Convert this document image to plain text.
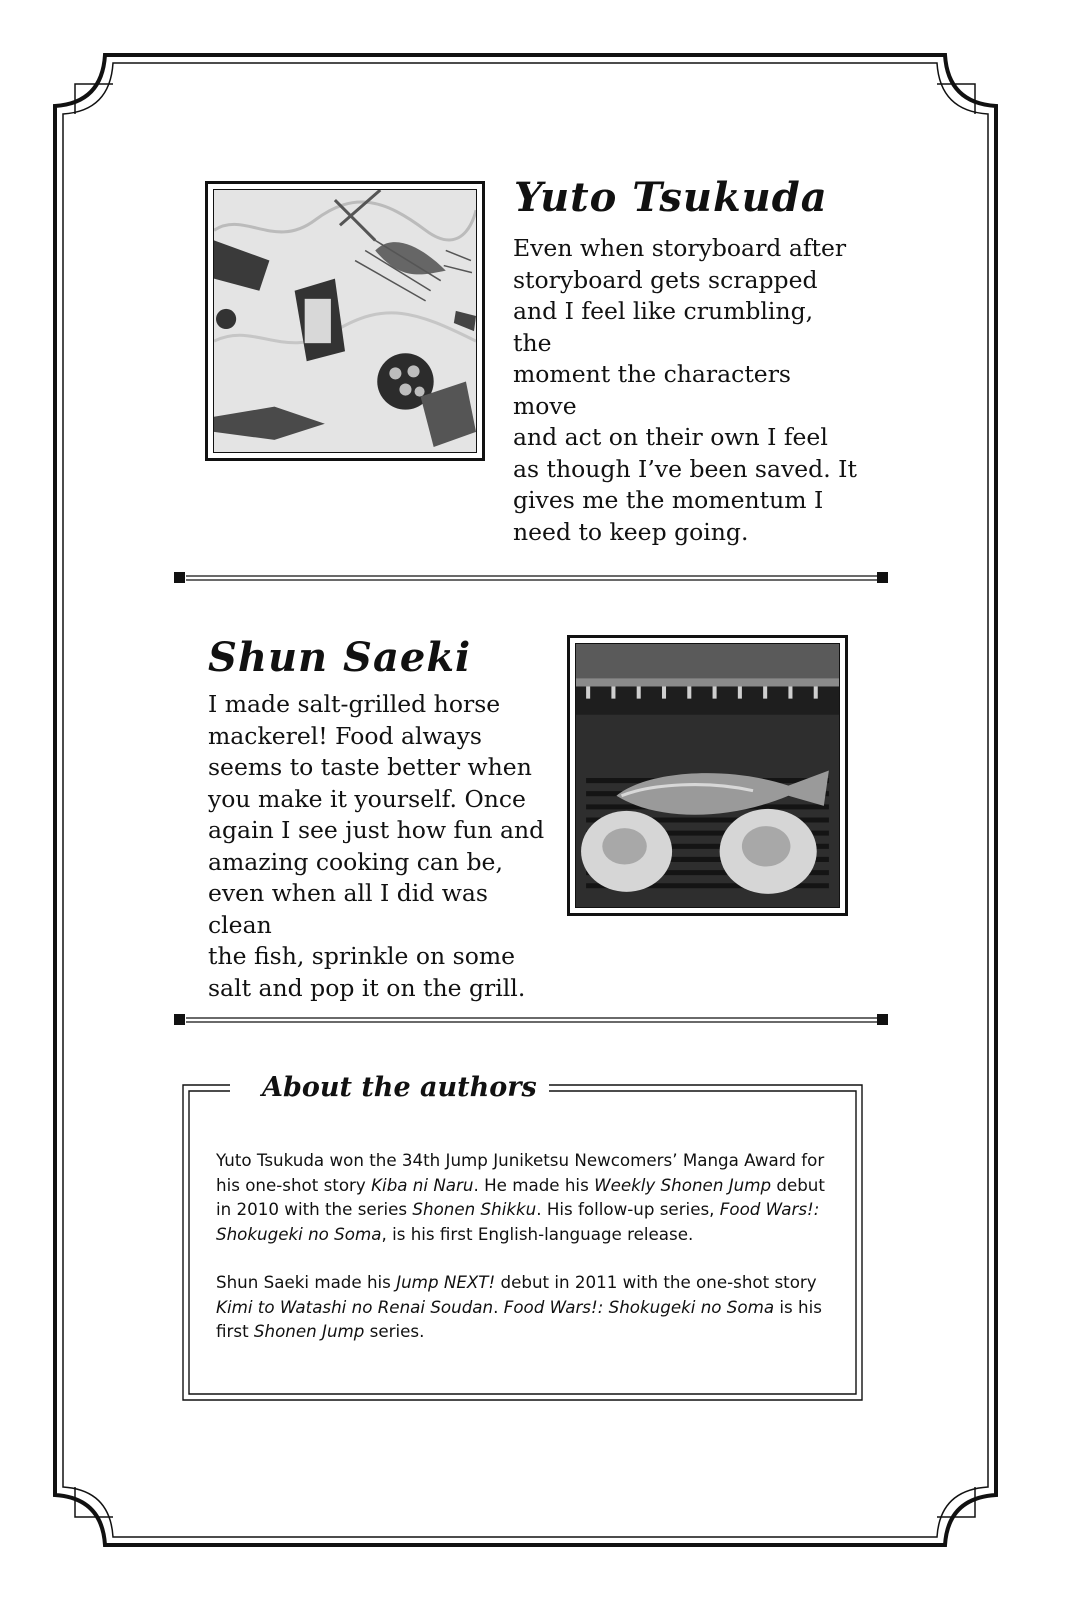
Yuto Tsukuda

Even when storyboard after
storyboard gets scrapped
and I feel like crumbling, the
moment the characters move
and act on their own I feel
as though I’ve been saved. It
gives me the momentum I
need to keep going.

Shun Saeki

I made salt-grilled horse
mackerel! Food always
seems to taste better when
you make it yourself. Once
again I see just how fun and
amazing cooking can be,
even when all I did was clean
the fish, sprinkle on some
salt and pop it on the grill.

About the authors

Yuto Tsukuda won the 34th Jump Juniketsu Newcomers’ Manga Award for his one-shot story Kiba ni Naru. He made his Weekly Shonen Jump debut in 2010 with the series Shonen Shikku. His follow-up series, Food Wars!: Shokugeki no Soma, is his first English-language release.

Shun Saeki made his Jump NEXT! debut in 2011 with the one-shot story Kimi to Watashi no Renai Soudan. Food Wars!: Shokugeki no Soma is his first Shonen Jump series.
